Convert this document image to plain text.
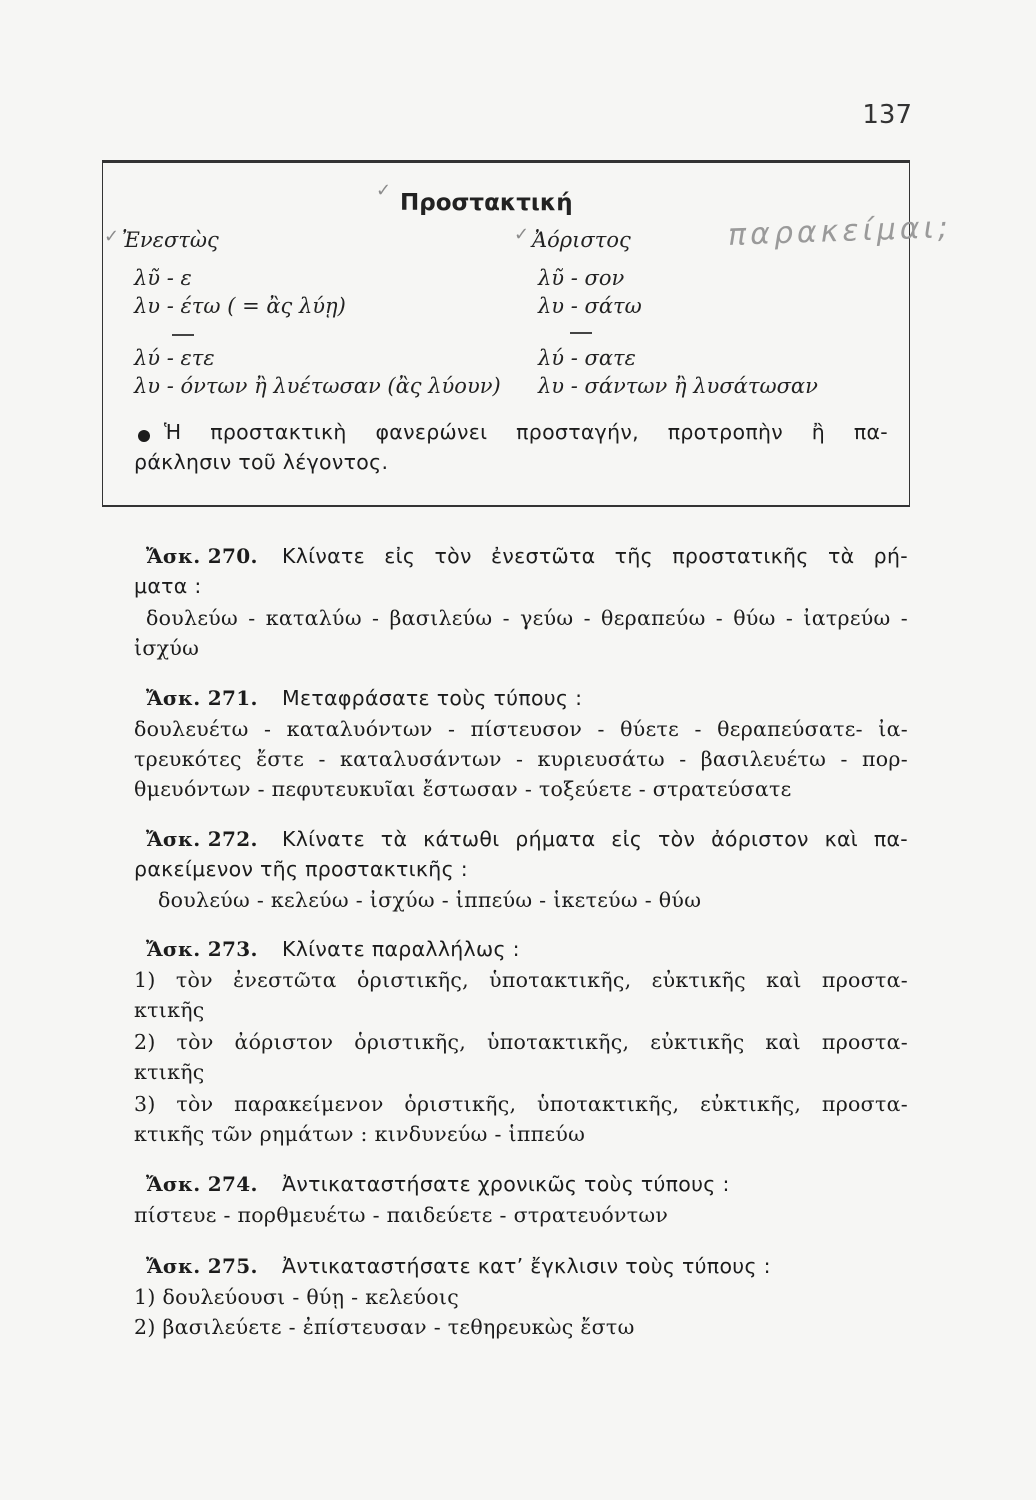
137
✓ Προστακτική
✓ Ἐνεστὼς	✓ Ἀόριστος	παρακείμαι;
λῦ - ε
λυ - έτω ( = ἂς λύῃ)
λύ - ετε
λυ - όντων ἢ λυέτωσαν (ἂς λύουν)
λῦ - σον
λυ - σάτω
λύ - σατε
λυ - σάντων ἢ λυσάτωσαν
Ἡ προστακτικὴ φανερώνει προσταγήν, προτροπὴν ἢ πα-
ράκλησιν τοῦ λέγοντος.
Ἄσκ. 270. Κλίνατε εἰς τὸν ἐνεστῶτα τῆς προστατικῆς τὰ ρή-
ματα :
δουλεύω - καταλύω - βασιλεύω - γεύω - θεραπεύω - θύω - ἰατρεύω -
ἰσχύω
Ἄσκ. 271. Μεταφράσατε τοὺς τύπους :
δουλευέτω - καταλυόντων - πίστευσον - θύετε - θεραπεύσατε- ἰα-
τρευκότες ἔστε - καταλυσάντων - κυριευσάτω - βασιλευέτω - πορ-
θμευόντων - πεφυτευκυῖαι ἔστωσαν - τοξεύετε - στρατεύσατε
Ἄσκ. 272. Κλίνατε τὰ κάτωθι ρήματα εἰς τὸν ἀόριστον καὶ πα-
ρακείμενον τῆς προστακτικῆς :
δουλεύω - κελεύω - ἰσχύω - ἱππεύω - ἱκετεύω - θύω
Ἄσκ. 273. Κλίνατε παραλλήλως :
1) τὸν ἐνεστῶτα ὁριστικῆς, ὑποτακτικῆς, εὐκτικῆς καὶ προστα-
κτικῆς
2) τὸν ἀόριστον ὁριστικῆς, ὑποτακτικῆς, εὐκτικῆς καὶ προστα-
κτικῆς
3) τὸν παρακείμενον ὁριστικῆς, ὑποτακτικῆς, εὐκτικῆς, προστα-
κτικῆς τῶν ρημάτων : κινδυνεύω - ἱππεύω
Ἄσκ. 274. Ἀντικαταστήσατε χρονικῶς τοὺς τύπους :
πίστευε - πορθμευέτω - παιδεύετε - στρατευόντων
Ἄσκ. 275. Ἀντικαταστήσατε κατ’ ἔγκλισιν τοὺς τύπους :
1) δουλεύουσι - θύῃ - κελεύοις
2) βασιλεύετε - ἐπίστευσαν - τεθηρευκὼς ἔστω
